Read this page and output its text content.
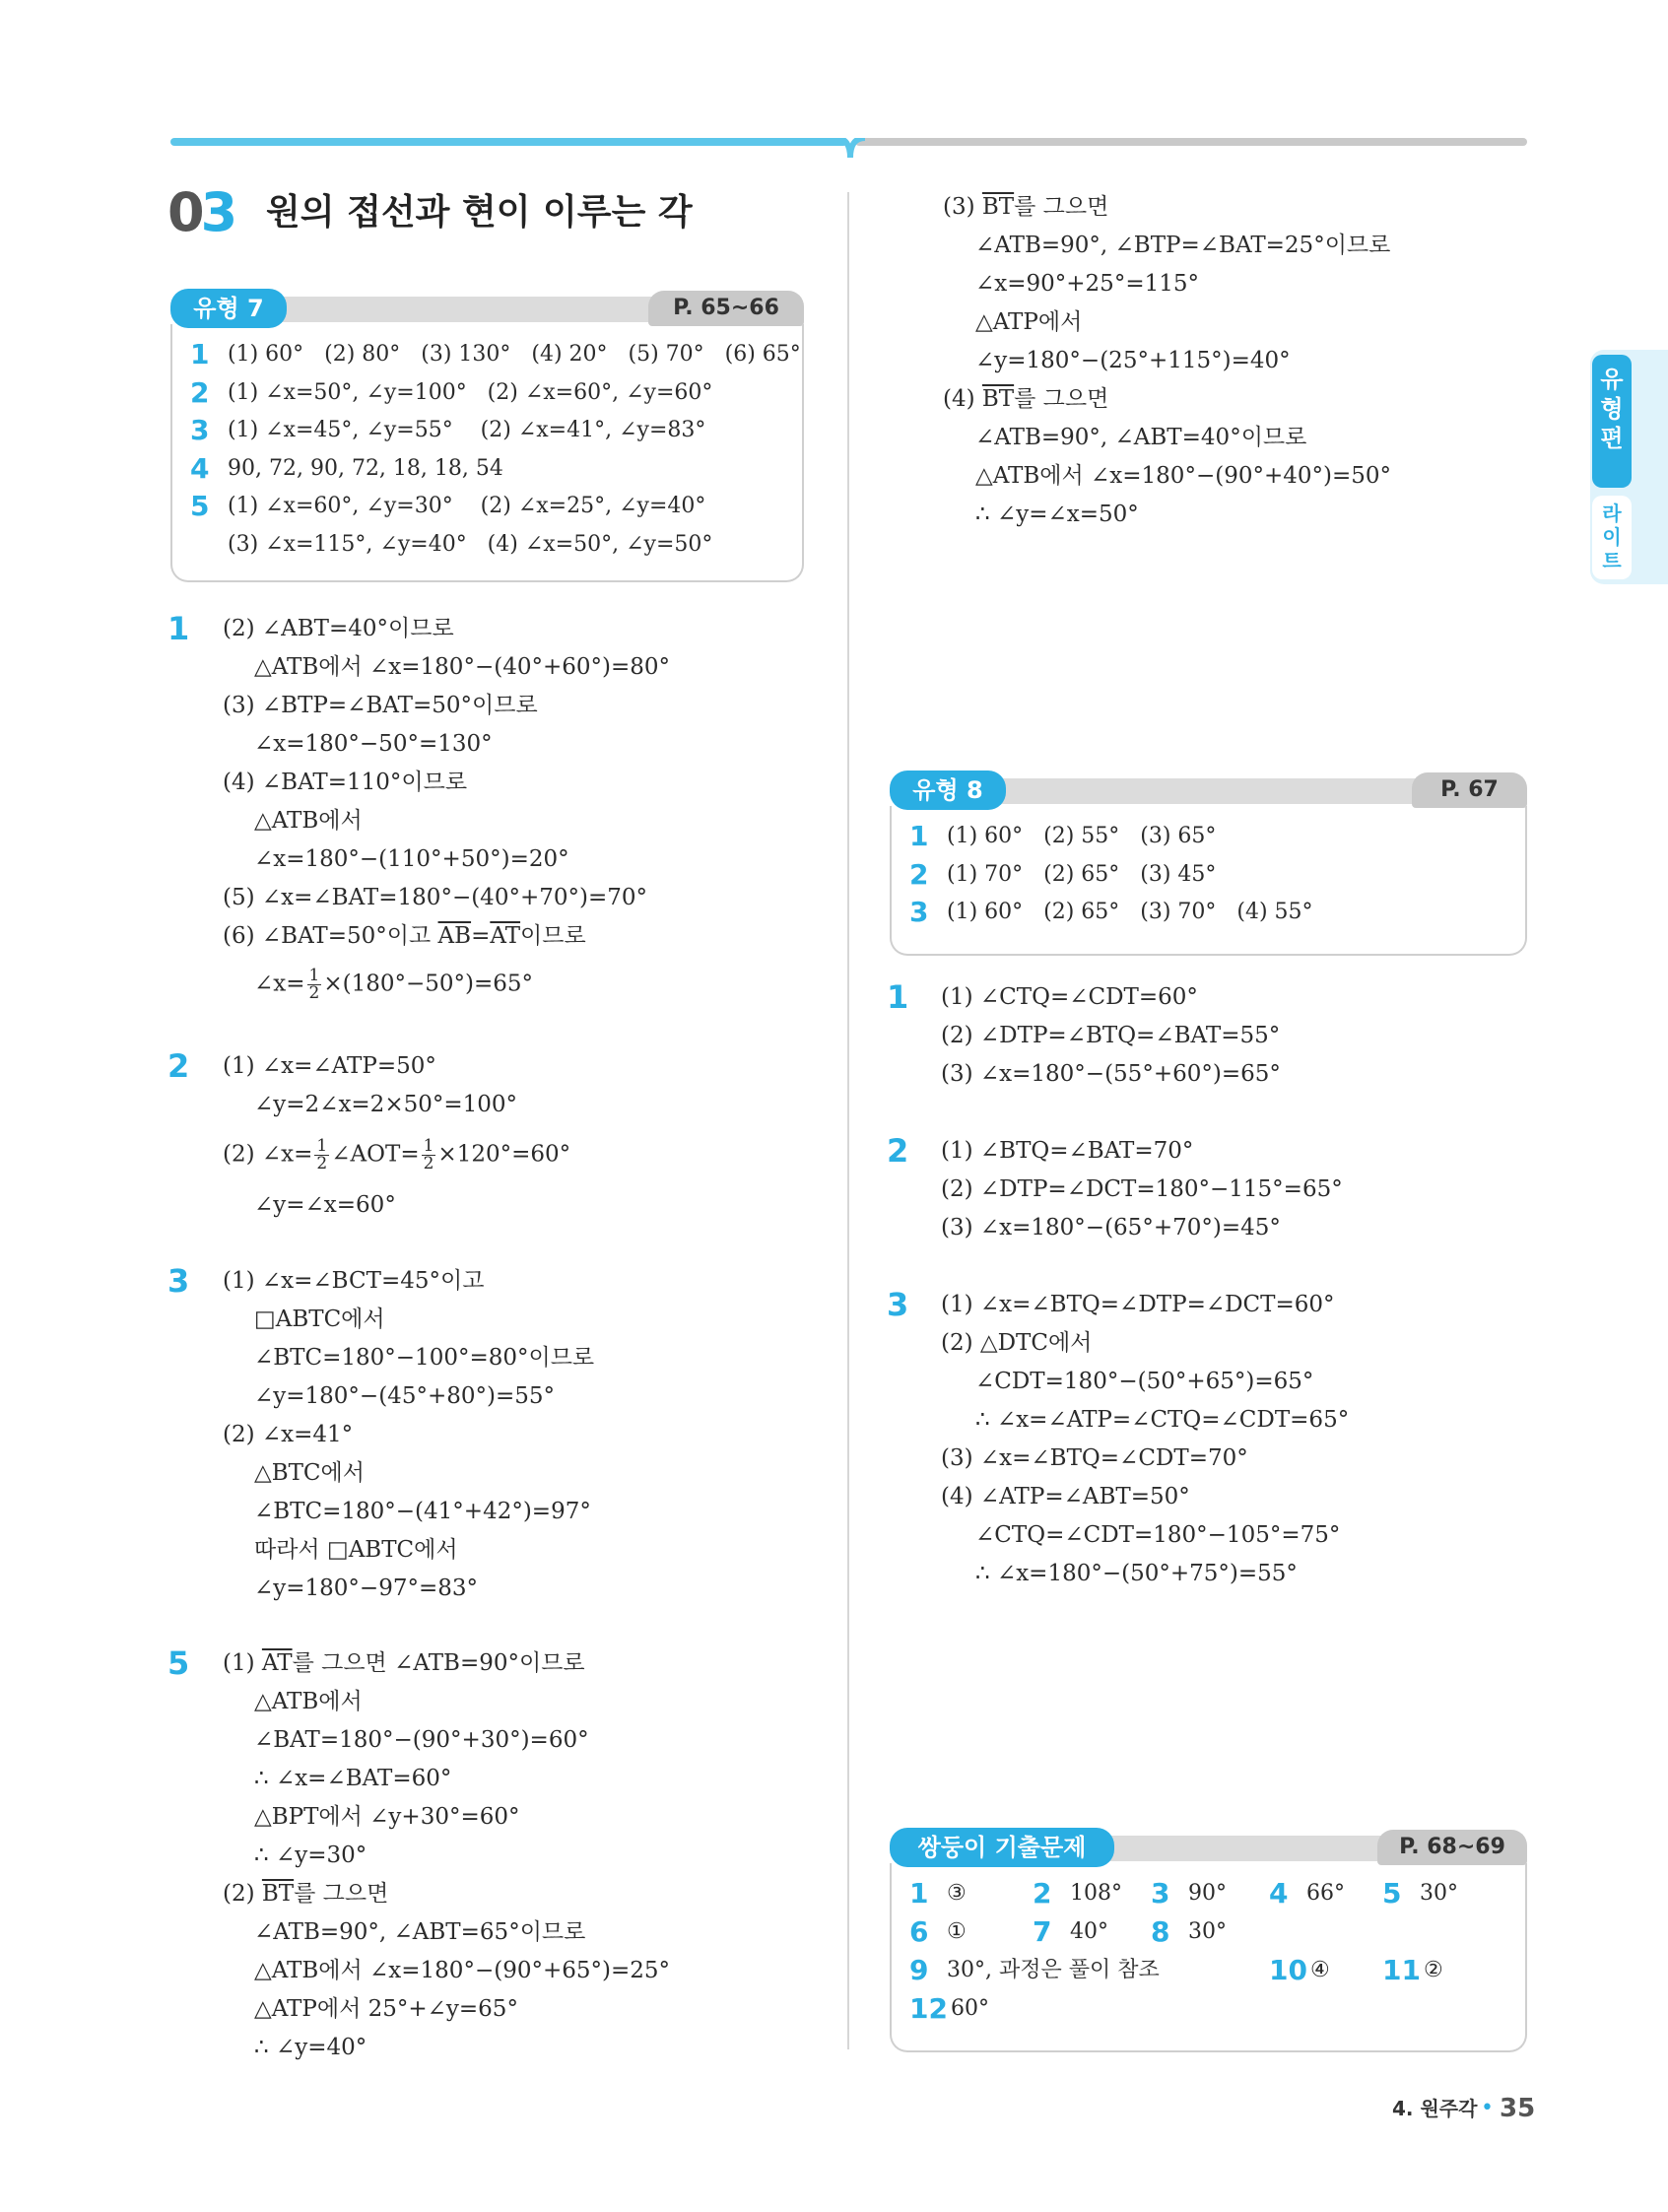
03 원의 접선과 현이 이루는 각
유
형
편
라
이
트
유형 7	P. 65~66
1 (1) 60°   (2) 80°   (3) 130°   (4) 20°   (5) 70°   (6) 65°
2 (1) ∠x=50°, ∠y=100°   (2) ∠x=60°, ∠y=60°
3 (1) ∠x=45°, ∠y=55°    (2) ∠x=41°, ∠y=83°
4 90, 72, 90, 72, 18, 18, 54
5 (1) ∠x=60°, ∠y=30°    (2) ∠x=25°, ∠y=40°
(3) ∠x=115°, ∠y=40°   (4) ∠x=50°, ∠y=50°
1 (2) ∠ABT=40°이므로
△ATB에서 ∠x=180°−(40°+60°)=80°
(3) ∠BTP=∠BAT=50°이므로
∠x=180°−50°=130°
(4) ∠BAT=110°이므로
△ATB에서
∠x=180°−(110°+50°)=20°
(5) ∠x=∠BAT=180°−(40°+70°)=70°
(6) ∠BAT=50°이고 $\overline{AB}=\overline{AT}$이므로
∠x= $\frac{1}{2} \times(180^\circ-50^\circ)=65^\circ$
2 (1) ∠x=∠ATP=50°
∠y=2∠x=2×50°=100°
(2) ∠x= $\frac{1}{2}$ ∠AOT= $\frac{1}{2} \times 120^\circ=60^\circ$
∠y=∠x=60°
3 (1) ∠x=∠BCT=45°이고
□ABTC에서
∠BTC=180°−100°=80°이므로
∠y=180°−(45°+80°)=55°
(2) ∠x=41°
△BTC에서
∠BTC=180°−(41°+42°)=97°
따라서 □ABTC에서
∠y=180°−97°=83°
5 (1) $\overline{AT}$를 그으면 ∠ATB=90°이므로
△ATB에서
∠BAT=180°−(90°+30°)=60°
∴ ∠x=∠BAT=60°
△BPT에서 ∠y+30°=60°
∴ ∠y=30°
(2) $\overline{BT}$를 그으면
∠ATB=90°, ∠ABT=65°이므로
△ATB에서 ∠x=180°−(90°+65°)=25°
△ATP에서 25°+∠y=65°
∴ ∠y=40°
(3) $\overline{BT}$를 그으면
∠ATB=90°, ∠BTP=∠BAT=25°이므로
∠x=90°+25°=115°
△ATP에서
∠y=180°−(25°+115°)=40°
(4) $\overline{BT}$를 그으면
∠ATB=90°, ∠ABT=40°이므로
△ATB에서 ∠x=180°−(90°+40°)=50°
∴ ∠y=∠x=50°
유형 8	P. 67
1 (1) 60°   (2) 55°   (3) 65°
2 (1) 70°   (2) 65°   (3) 45°
3 (1) 60°   (2) 65°   (3) 70°   (4) 55°
1 (1) ∠CTQ=∠CDT=60°
(2) ∠DTP=∠BTQ=∠BAT=55°
(3) ∠x=180°−(55°+60°)=65°
2 (1) ∠BTQ=∠BAT=70°
(2) ∠DTP=∠DCT=180°−115°=65°
(3) ∠x=180°−(65°+70°)=45°
3 (1) ∠x=∠BTQ=∠DTP=∠DCT=60°
(2) △DTC에서
∠CDT=180°−(50°+65°)=65°
∴ ∠x=∠ATP=∠CTQ=∠CDT=65°
(3) ∠x=∠BTQ=∠CDT=70°
(4) ∠ATP=∠ABT=50°
∠CTQ=∠CDT=180°−105°=75°
∴ ∠x=180°−(50°+75°)=55°
쌍둥이 기출문제	P. 68~69
1 ③ 2 108° 3 90° 4 66° 5 30°
6 ① 7 40° 8 30°
9 30°, 과정은 풀이 참조	10 ④ 11 ②
12 60°
4. 원주각 • 35
